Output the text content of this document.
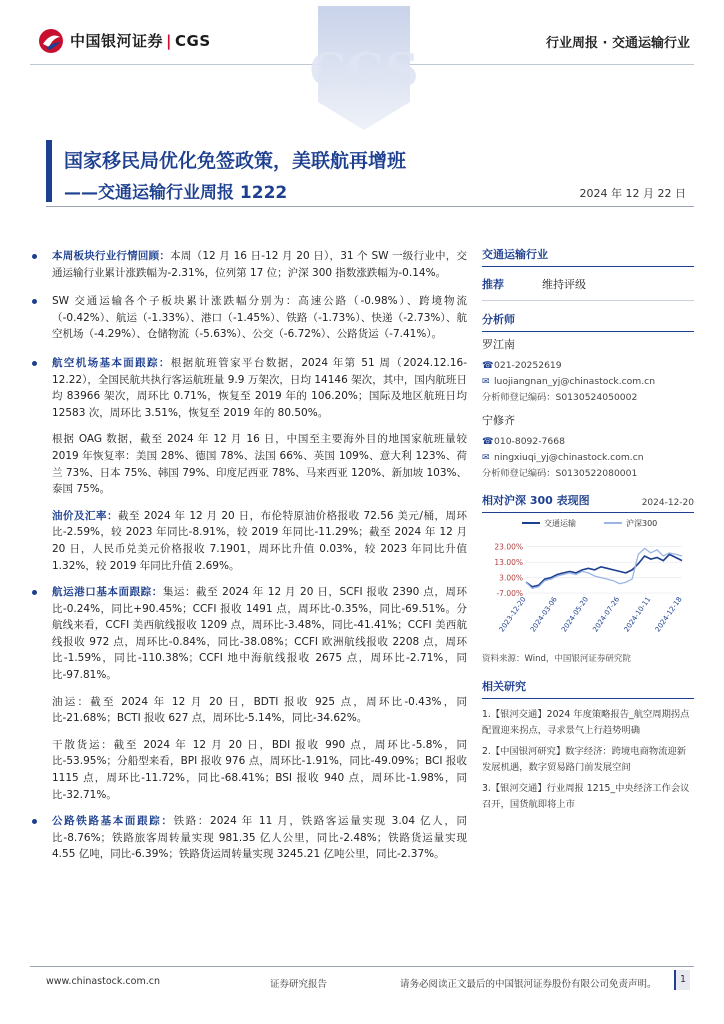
中国银河证券 | CGS	行业周报 · 交通运输行业
CGS
国家移民局优化免签政策，美联航再增班
——交通运输行业周报 1222	2024 年 12 月 22 日
本周板块行业行情回顾：本周（12 月 16 日-12 月 20 日），31 个 SW 一级行业中，交通运输行业累计涨跌幅为-2.31%，位列第 17 位；沪深 300 指数涨跌幅为-0.14%。
SW 交通运输各个子板块累计涨跌幅分别为：高速公路（-0.98%）、跨境物流（-0.42%）、航运（-1.33%）、港口（-1.45%）、铁路（-1.73%）、快递（-2.73%）、航空机场（-4.29%）、仓储物流（-5.63%）、公交（-6.72%）、公路货运（-7.41%）。
航空机场基本面跟踪：根据航班管家平台数据，2024 年第 51 周（2024.12.16-12.22），全国民航共执行客运航班量 9.9 万架次，日均 14146 架次，其中，国内航班日均 83966 架次，周环比 0.71%，恢复至 2019 年的 106.20%；国际及地区航班日均 12583 次，周环比 3.51%，恢复至 2019 年的 80.50%。
根据 OAG 数据，截至 2024 年 12 月 16 日，中国至主要海外目的地国家航班量较 2019 年恢复率：美国 28%、德国 78%、法国 66%、英国 109%、意大利 123%、荷兰 73%、日本 75%、韩国 79%、印度尼西亚 78%、马来西亚 120%、新加坡 103%、泰国 75%。
油价及汇率：截至 2024 年 12 月 20 日，布伦特原油价格报收 72.56 美元/桶，周环比-2.59%，较 2023 年同比-8.91%，较 2019 年同比-11.29%；截至 2024 年 12 月 20 日，人民币兑美元价格报收 7.1901，周环比升值 0.03%，较 2023 年同比升值 1.32%，较 2019 年同比升值 2.69%。
航运港口基本面跟踪：集运：截至 2024 年 12 月 20 日，SCFI 报收 2390 点，周环比-0.24%，同比+90.45%；CCFI 报收 1491 点，周环比-0.35%，同比-69.51%。分航线来看，CCFI 美西航线报收 1209 点，周环比-3.48%，同比-41.41%；CCFI 美西航线报收 972 点，周环比-0.84%，同比-38.08%；CCFI 欧洲航线报收 2208 点，周环比-1.59%，同比-110.38%；CCFI 地中海航线报收 2675 点，周环比-2.71%，同比-97.81%。
油运：截至 2024 年 12 月 20 日，BDTI 报收 925 点，周环比-0.43%，同比-21.68%；BCTI 报收 627 点，周环比-5.14%，同比-34.62%。
干散货运：截至 2024 年 12 月 20 日，BDI 报收 990 点，周环比-5.8%，同比-53.95%；分船型来看，BPI 报收 976 点，周环比-1.91%，同比-49.09%；BCI 报收 1115 点，周环比-11.72%，同比-68.41%；BSI 报收 940 点，周环比-1.98%，同比-32.71%。
公路铁路基本面跟踪：铁路：2024 年 11 月，铁路客运量实现 3.04 亿人，同比-8.76%；铁路旅客周转量实现 981.35 亿人公里，同比-2.48%；铁路货运量实现 4.55 亿吨，同比-6.39%；铁路货运周转量实现 3245.21 亿吨公里，同比-2.37%。
交通运输行业
推荐	维持评级
分析师
罗江南
☎021-20252619
✉ luojiangnan_yj@chinastock.com.cn
分析师登记编码：S0130524050002
宁修齐
☎010-8092-7668
✉ ningxiuqi_yj@chinastock.com.cn
分析师登记编码：S0130522080001
相对沪深 300 表现图	2024-12-20
交通运输	沪深300
23.00%
13.00%
3.00%
-7.00%
2023-12-20 2024-03-06 2024-05-20 2024-07-26 2024-10-11 2024-12-18
资料来源：Wind，中国银河证券研究院
相关研究
1.【银河交通】2024 年度策略报告_航空周期拐点配置迎来拐点，寻求景气上行趋势明确
2.【中国银河研究】数字经济：跨境电商物流迎新发展机遇，数字贸易路门前发展空间
3.【银河交通】行业周报 1215_中央经济工作会议召开，国货航即将上市
www.chinastock.com.cn	证券研究报告	请务必阅读正文最后的中国银河证券股份有限公司免责声明。	1
